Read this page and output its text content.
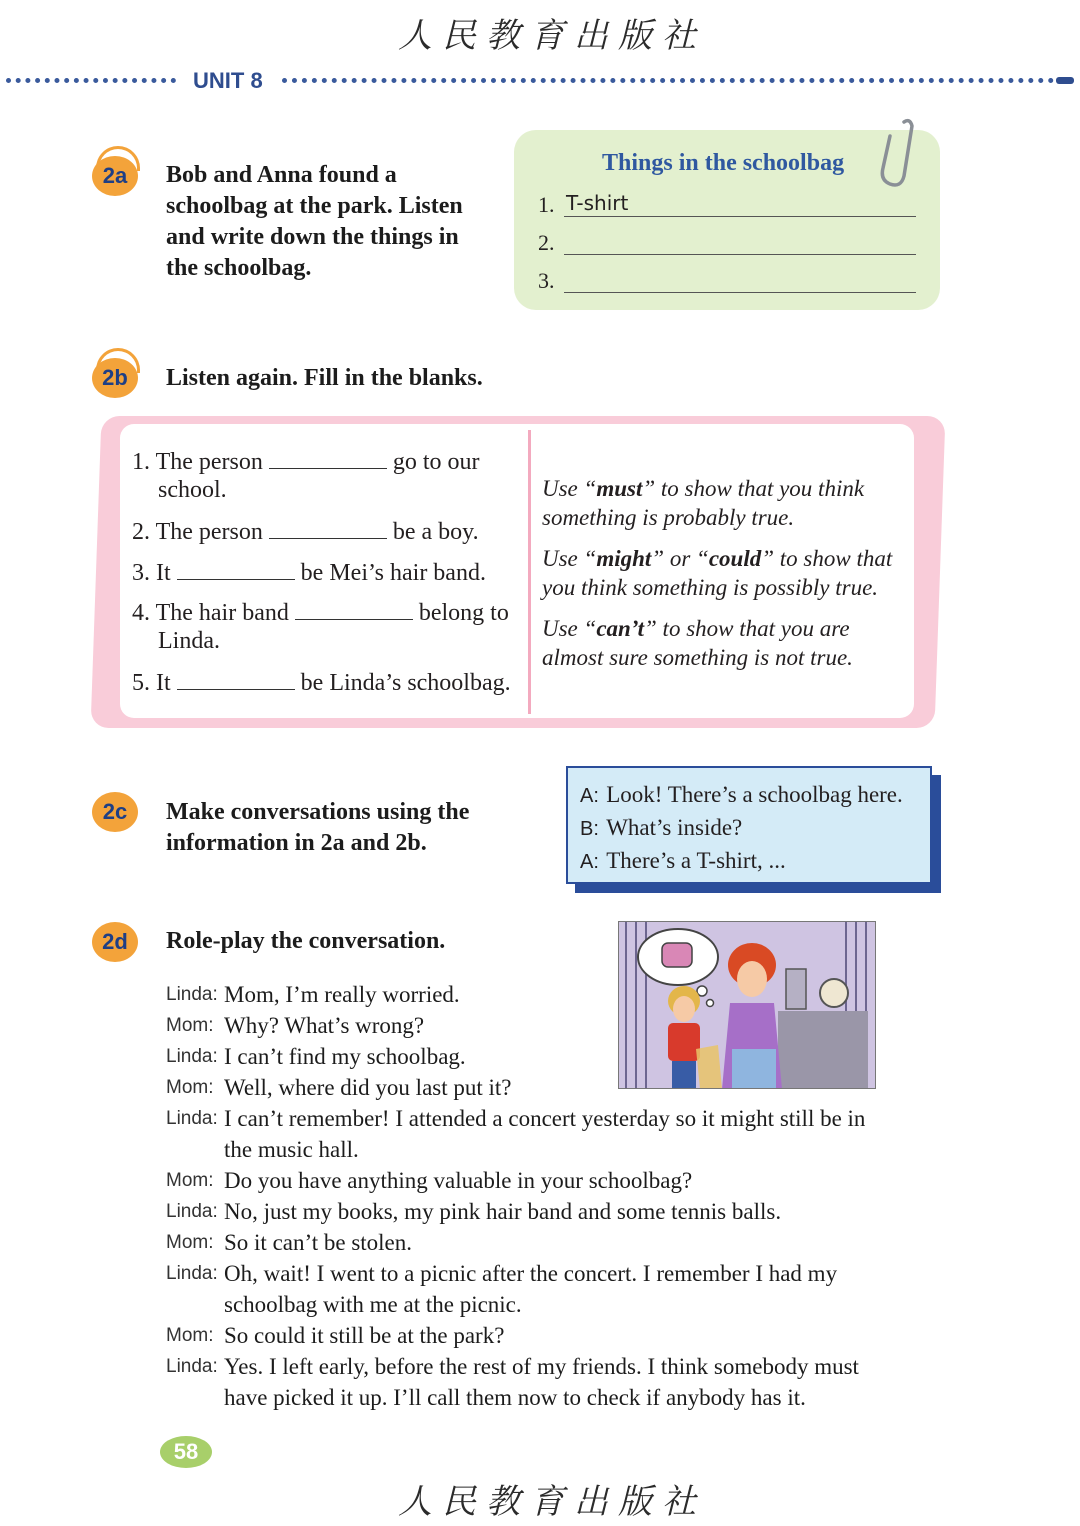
人民教育出版社
UNIT 8
2a	Bob and Anna found a
schoolbag at the park. Listen
and write down the things in
the schoolbag.
Things in the schoolbag
1. T-shirt
2.
3.
2b	Listen again. Fill in the blanks.
1. The person	go to our
school.
2. The person	be a boy.
3. It	be Mei’s hair band.
4. The hair band	belong to
Linda.
5. It	be Linda’s schoolbag.
Use “must” to show that you think
something is probably true.
Use “might” or “could” to show that
you think something is possibly true.
Use “can’t” to show that you are
almost sure something is not true.
2c	Make conversations using the
information in 2a and 2b.
A: Look! There’s a schoolbag here.
B: What’s inside?
A: There’s a T-shirt, ...
2d	Role-play the conversation.
Linda: Mom, I’m really worried.
Mom: Why? What’s wrong?
Linda: I can’t find my schoolbag.
Mom: Well, where did you last put it?
Linda: I can’t remember! I attended a concert yesterday so it might still be in
the music hall.
Mom: Do you have anything valuable in your schoolbag?
Linda: No, just my books, my pink hair band and some tennis balls.
Mom: So it can’t be stolen.
Linda: Oh, wait! I went to a picnic after the concert. I remember I had my
schoolbag with me at the picnic.
Mom: So could it still be at the park?
Linda: Yes. I left early, before the rest of my friends. I think somebody must
have picked it up. I’ll call them now to check if anybody has it.
58
人民教育出版社
